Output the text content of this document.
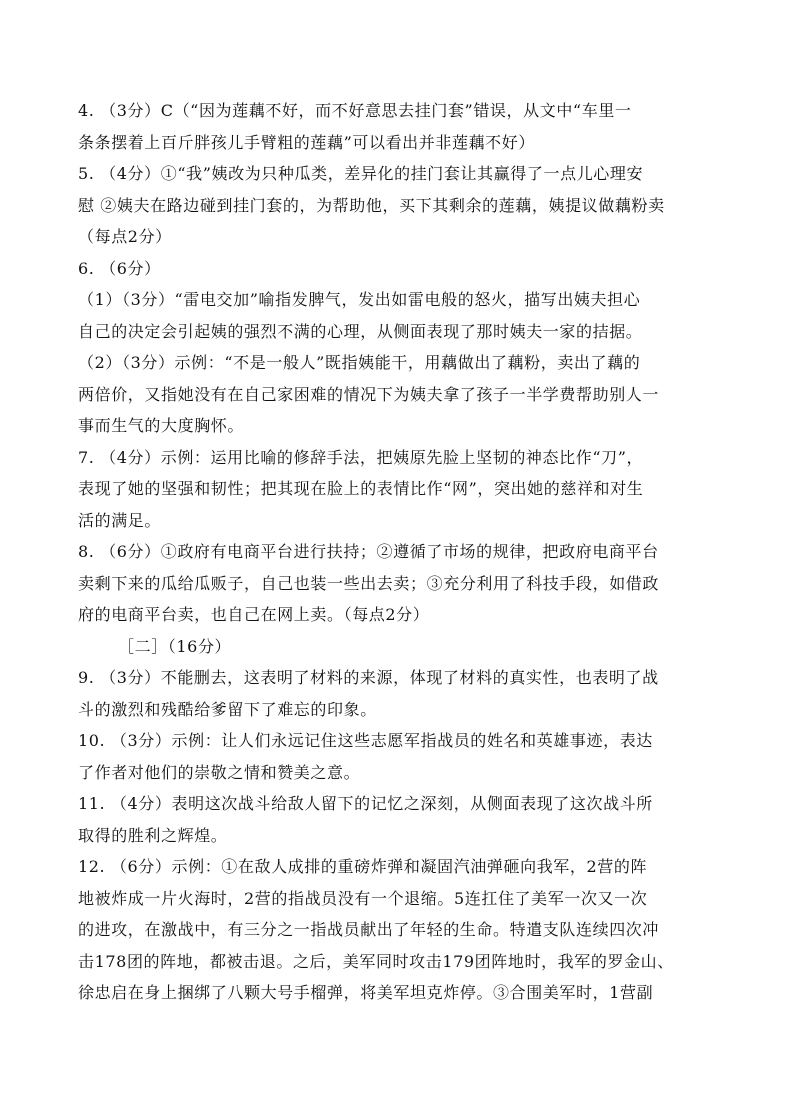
4. （3分）C（“因为莲藕不好，而不好意思去挂门套”错误，从文中“车里一
条条摆着上百斤胖孩儿手臂粗的莲藕”可以看出并非莲藕不好）
5. （4分）①“我”姨改为只种瓜类，差异化的挂门套让其赢得了一点儿心理安
慰 ②姨夫在路边碰到挂门套的，为帮助他，买下其剩余的莲藕，姨提议做藕粉卖
（每点2分）
6. （6分）
（1）（3分）“雷电交加”喻指发脾气，发出如雷电般的怒火，描写出姨夫担心
自己的决定会引起姨的强烈不满的心理，从侧面表现了那时姨夫一家的拮据。
（2）（3分）示例：“不是一般人”既指姨能干，用藕做出了藕粉，卖出了藕的
两倍价，又指她没有在自己家困难的情况下为姨夫拿了孩子一半学费帮助别人一
事而生气的大度胸怀。
7. （4分）示例：运用比喻的修辞手法，把姨原先脸上坚韧的神态比作“刀”，
表现了她的坚强和韧性；把其现在脸上的表情比作“网”，突出她的慈祥和对生
活的满足。
8. （6分）①政府有电商平台进行扶持；②遵循了市场的规律，把政府电商平台
卖剩下来的瓜给瓜贩子，自己也装一些出去卖；③充分利用了科技手段，如借政
府的电商平台卖，也自己在网上卖。（每点2分）
［二］（16分）
9. （3分）不能删去，这表明了材料的来源，体现了材料的真实性，也表明了战
斗的激烈和残酷给爹留下了难忘的印象。
10. （3分）示例：让人们永远记住这些志愿军指战员的姓名和英雄事迹，表达
了作者对他们的崇敬之情和赞美之意。
11. （4分）表明这次战斗给敌人留下的记忆之深刻，从侧面表现了这次战斗所
取得的胜利之辉煌。
12. （6分）示例：①在敌人成排的重磅炸弹和凝固汽油弹砸向我军，2营的阵
地被炸成一片火海时，2营的指战员没有一个退缩。5连扛住了美军一次又一次
的进攻，在激战中，有三分之一指战员献出了年轻的生命。特遣支队连续四次冲
击178团的阵地，都被击退。之后，美军同时攻击179团阵地时，我军的罗金山、
徐忠启在身上捆绑了八颗大号手榴弹，将美军坦克炸停。③合围美军时，1营副
